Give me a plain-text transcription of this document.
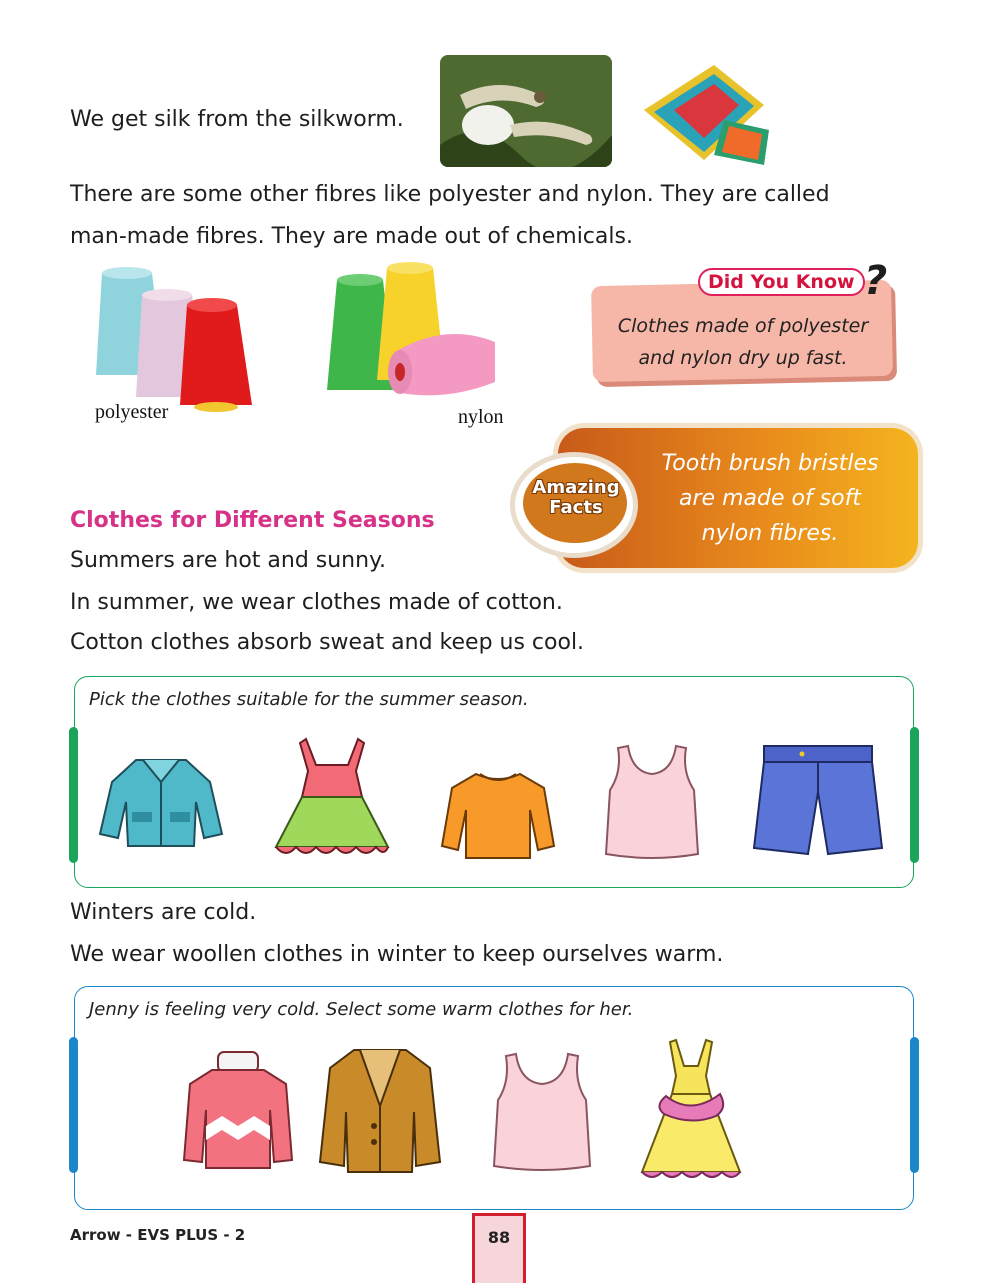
We get silk from the silkworm.
There are some other fibres like polyester and nylon. They are called
man-made fibres. They are made out of chemicals.
polyester	nylon
Did You Know ?
Clothes made of polyester
and nylon dry up fast.
Amazing
Facts
Tooth brush bristles
are made of soft
nylon fibres.
Clothes for Different Seasons
Summers are hot and sunny.
In summer, we wear clothes made of cotton.
Cotton clothes absorb sweat and keep us cool.
Pick the clothes suitable for the summer season.
Winters are cold.
We wear woollen clothes in winter to keep ourselves warm.
Jenny is feeling very cold. Select some warm clothes for her.
Arrow - EVS PLUS - 2	88
